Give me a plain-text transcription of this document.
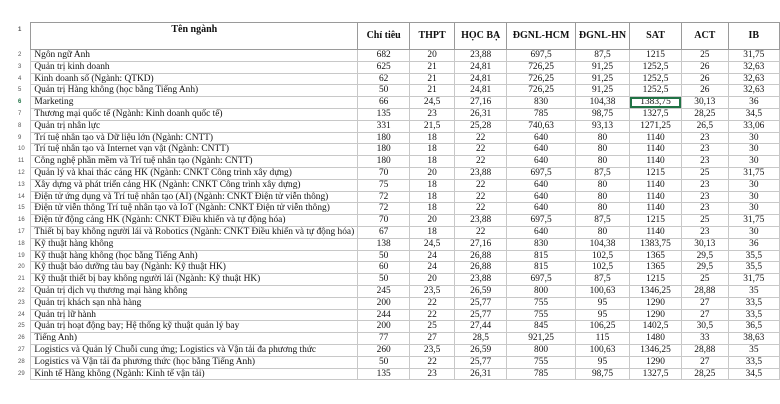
1	Tên ngành	Chỉ tiêu	THPT	HỌC BẠ	ĐGNL-HCM	ĐGNL-HN	SAT	ACT	IB
2	Ngôn ngữ Anh	682	20	23,88	697,5	87,5	1215	25	31,75
3	Quản trị kinh doanh	625	21	24,81	726,25	91,25	1252,5	26	32,63
4	Kinh doanh số (Ngành: QTKD)	62	21	24,81	726,25	91,25	1252,5	26	32,63
5	Quản trị Hàng không (học bằng Tiếng Anh)	50	21	24,81	726,25	91,25	1252,5	26	32,63
6	Marketing	66	24,5	27,16	830	104,38	1383,75	30,13	36
7	Thương mại quốc tế (Ngành: Kinh doanh quốc tế)	135	23	26,31	785	98,75	1327,5	28,25	34,5
8	Quản trị nhân lực	331	21,5	25,28	740,63	93,13	1271,25	26,5	33,06
9	Trí tuệ nhân tạo và Dữ liệu lớn (Ngành: CNTT)	180	18	22	640	80	1140	23	30
10	Trí tuệ nhân tạo và Internet vạn vật (Ngành: CNTT)	180	18	22	640	80	1140	23	30
11	Công nghệ phần mềm và Trí tuệ nhân tạo (Ngành: CNTT)	180	18	22	640	80	1140	23	30
12	Quản lý và khai thác cảng HK (Ngành: CNKT Công trình xây dựng)	70	20	23,88	697,5	87,5	1215	25	31,75
13	Xây dựng và phát triển cảng HK (Ngành: CNKT Công trình xây dựng)	75	18	22	640	80	1140	23	30
14	Điện tử ứng dụng và Trí tuệ nhân tạo (AI) (Ngành: CNKT Điện tử viễn thông)	72	18	22	640	80	1140	23	30
15	Điện tử viễn thông Trí tuệ nhân tạo và IoT (Ngành: CNKT Điện tử viễn thông)	72	18	22	640	80	1140	23	30
16	Điện tử động cảng HK (Ngành: CNKT Điều khiển và tự động hóa)	70	20	23,88	697,5	87,5	1215	25	31,75
17	Thiết bị bay không người lái và Robotics (Ngành: CNKT Điều khiển và tự động hóa)	67	18	22	640	80	1140	23	30
18	Kỹ thuật hàng không	138	24,5	27,16	830	104,38	1383,75	30,13	36
19	Kỹ thuật hàng không (học bằng Tiếng Anh)	50	24	26,88	815	102,5	1365	29,5	35,5
20	Kỹ thuật bảo dưỡng tàu bay (Ngành: Kỹ thuật HK)	60	24	26,88	815	102,5	1365	29,5	35,5
21	Kỹ thuật thiết bị bay không người lái (Ngành: Kỹ thuật HK)	50	20	23,88	697,5	87,5	1215	25	31,75
22	Quản trị dịch vụ thương mại hàng không	245	23,5	26,59	800	100,63	1346,25	28,88	35
23	Quản trị khách sạn nhà hàng	200	22	25,77	755	95	1290	27	33,5
24	Quản trị lữ hành	244	22	25,77	755	95	1290	27	33,5
25	Quản trị hoạt động bay; Hệ thống kỹ thuật quản lý bay	200	25	27,44	845	106,25	1402,5	30,5	36,5
26	Tiếng Anh)	77	27	28,5	921,25	115	1480	33	38,63
27	Logistics và Quản lý Chuỗi cung ứng; Logistics và Vận tải đa phương thức	260	23,5	26,59	800	100,63	1346,25	28,88	35
28	Logistics và Vận tải đa phương thức (học bằng Tiếng Anh)	50	22	25,77	755	95	1290	27	33,5
29	Kinh tế Hàng không (Ngành: Kinh tế vận tải)	135	23	26,31	785	98,75	1327,5	28,25	34,5
